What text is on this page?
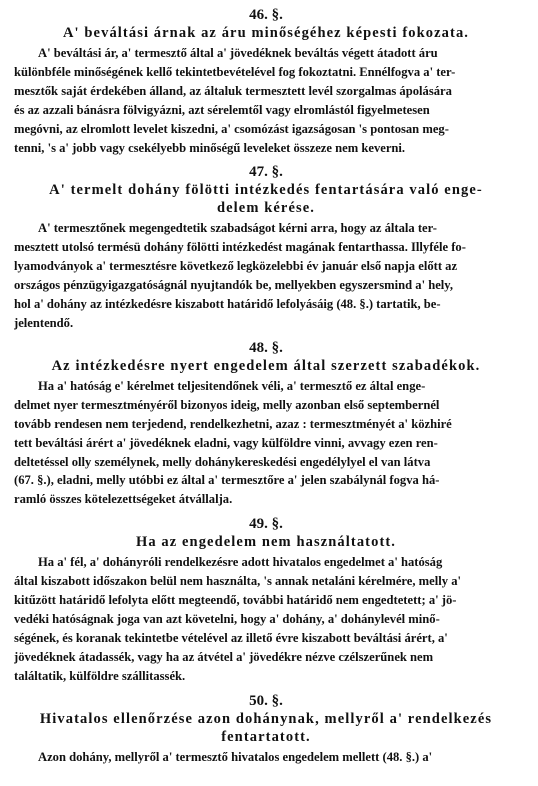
46. §.

A' beváltási árnak az áru minőségéhez képesti fokozata.

A' beváltási ár, a' termesztő által a' jövedéknek beváltás végett átadott áru
különbféle minőségének kellő tekintetbevételével fog fokoztatni. Ennélfogva a' ter-
mesztők saját érdekében álland, az általuk termesztett levél szorgalmas ápolására
és az azzali bánásra fölvigyázni, azt sérelemtől vagy elromlástól figyelmetesen
megóvni, az elromlott levelet kiszedni, a' csomózást igazságosan 's pontosan meg-
tenni, 's a' jobb vagy csekélyebb minőségű leveleket összeze nem keverni.

47. §.

A' termelt dohány fölötti intézkedés fentartására való enge-
delem kérése.

A' termesztőnek megengedtetik szabadságot kérni arra, hogy az általa ter-
mesztett utolsó termésü dohány fölötti intézkedést magának fentarthassa. Illyféle fo-
lyamodványok a' termesztésre következő legközelebbi év január első napja előtt az
országos pénzügyigazgatóságnál nyujtandók be, mellyekben egyszersmind a' hely,
hol a' dohány az intézkedésre kiszabott határidő lefolyásáig (48. §.) tartatik, be-
jelentendő.

48. §.

Az intézkedésre nyert engedelem által szerzett szabadékok.

Ha a' hatóság e' kérelmet teljesitendőnek véli, a' termesztő ez által enge-
delmet nyer termesztményéről bizonyos ideig, melly azonban első septembernél
tovább rendesen nem terjedend, rendelkezhetni, azaz : termesztményét a' közhiré
tett beváltási árért a' jövedéknek eladni, vagy külföldre vinni, avvagy ezen ren-
deltetéssel olly személynek, melly dohánykereskedési engedélylyel el van látva
(67. §.), eladni, melly utóbbi ez által a' termesztőre a' jelen szabálynál fogva há-
ramló összes kötelezettségeket átvállalja.

49. §.

Ha az engedelem nem használtatott.

Ha a' fél, a' dohányróli rendelkezésre adott hivatalos engedelmet a' hatóság
által kiszabott időszakon belül nem használta, 's annak netaláni kérelmére, melly a'
kitűzött határidő lefolyta előtt megteendő, további határidő nem engedtetett; a' jö-
vedéki hatóságnak joga van azt követelni, hogy a' dohány, a' dohánylevél minő-
ségének, és koranak tekintetbe vételével az illető évre kiszabott beváltási árért, a'
jövedéknek átadassék, vagy ha az átvétel a' jövedékre nézve czélszerűnek nem
találtatik, külföldre szállitassék.

50. §.

Hivatalos ellenőrzése azon dohánynak, mellyről a' rendelkezés
fentartatott.

Azon dohány, mellyről a' termesztő hivatalos engedelem mellett (48. §.) a'
